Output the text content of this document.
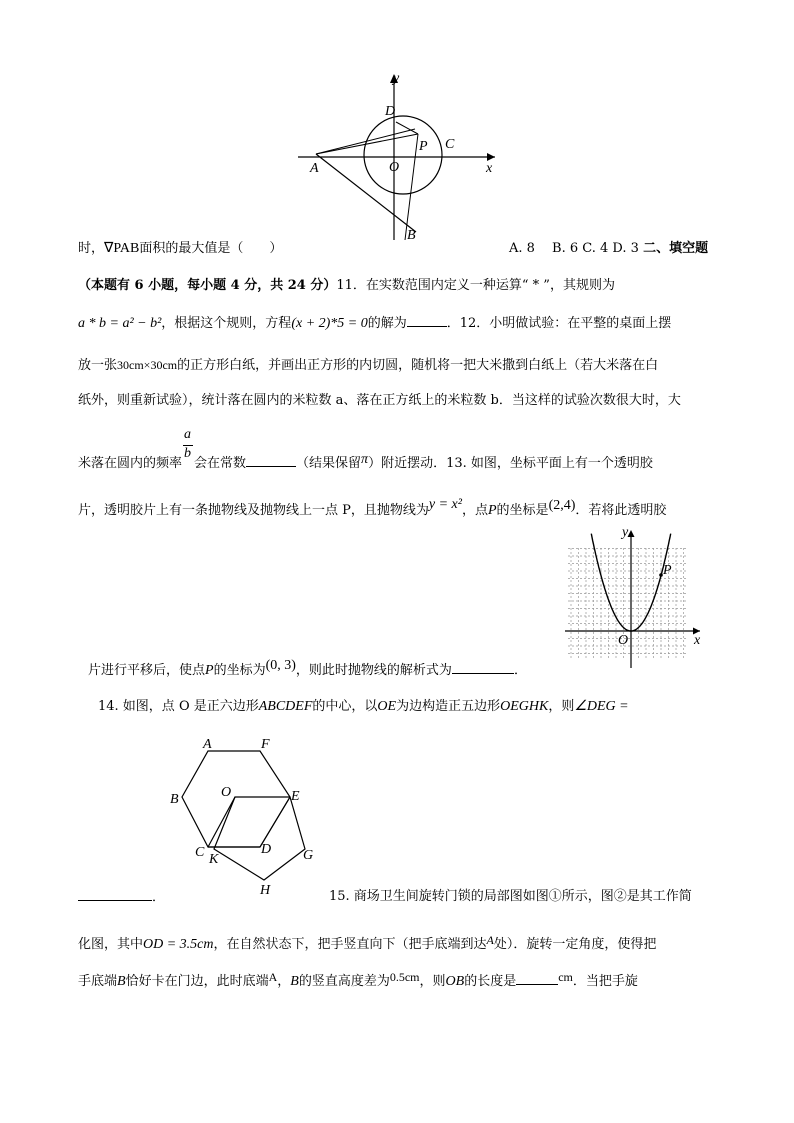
y
x
D
P C
A	O
B
时，∇PAB面积的最大值是（　　）	A. 8　 B. 6 C. 4 D. 3 二、填空题
（本题有 6 小题，每小题 4 分，共 24 分）11．在实数范围内定义一种运算“ * ”，其规则为
a * b = a² − b²，根据这个规则，方程(x + 2)*5 = 0的解为	．12．小明做试验：在平整的桌面上摆
放一张30cm×30cm的正方形白纸，并画出正方形的内切圆，随机将一把大米撒到白纸上（若大米落在白
纸外，则重新试验），统计落在圆内的米粒数 a、落在正方纸上的米粒数 b．当这样的试验次数很大时，大
米落在圆内的频率 $\frac{a}{b}$ 会在常数	（结果保留π）附近摆动．13. 如图，坐标平面上有一个透明胶
片，透明胶片上有一条抛物线及抛物线上一点 P，且抛物线为y = x²，点P的坐标是(2,4)．若将此透明胶
y
x
O
P
片进行平移后，使点P的坐标为(0, 3)，则此时抛物线的解析式为	．
14. 如图，点 O 是正六边形ABCDEF的中心，以OE为边构造正五边形OEGHK，则∠DEG =
A	F
B	O	E
C K
D G
H
．	15. 商场卫生间旋转门锁的局部图如图①所示，图②是其工作简
化图，其中OD = 3.5cm，在自然状态下，把手竖直向下（把手底端到达A处）．旋转一定角度，使得把
手底端B恰好卡在门边，此时底端A，B的竖直高度差为0.5cm，则OB的长度是	cm．当把手旋
